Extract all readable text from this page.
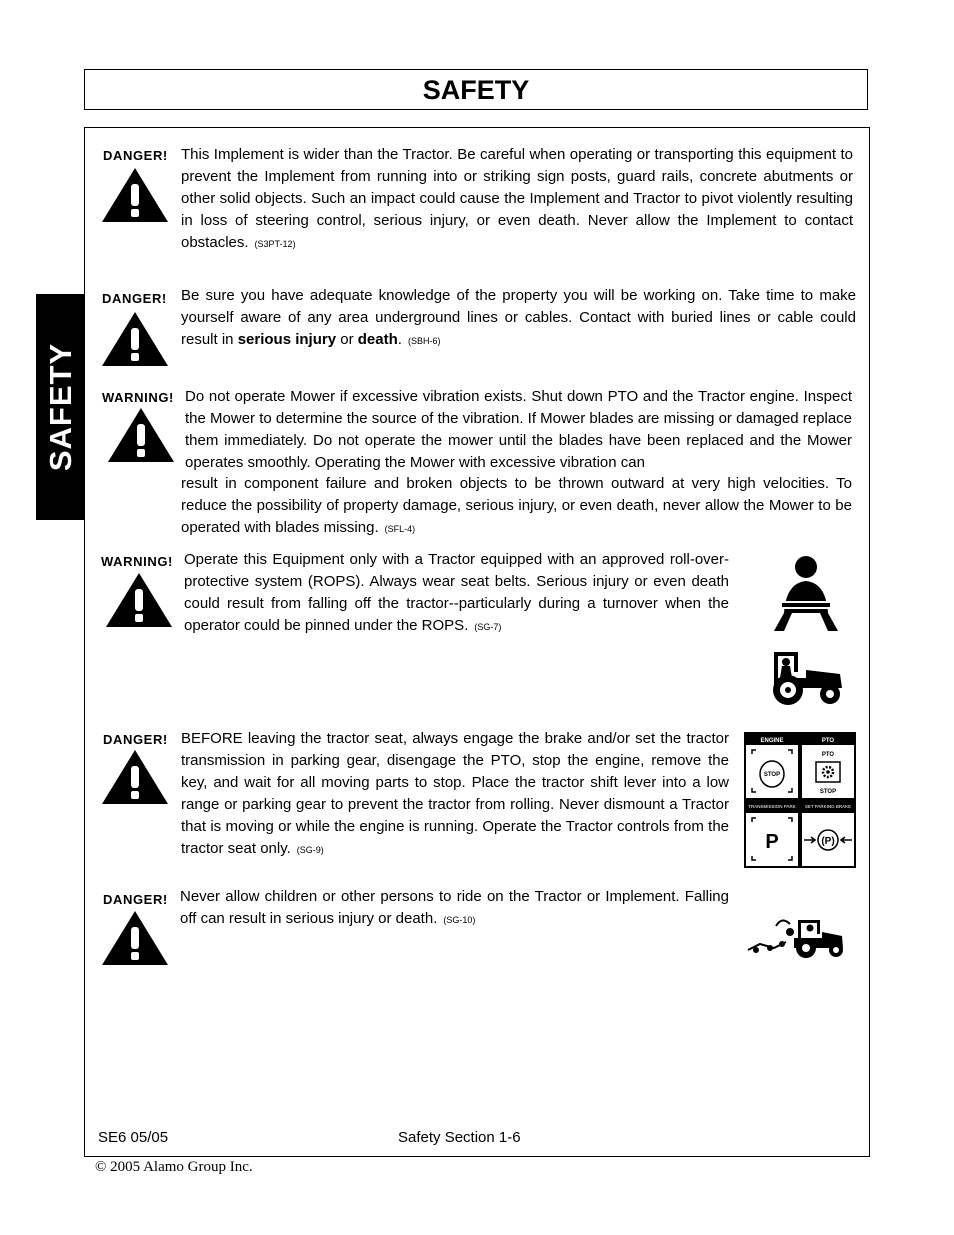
SAFETY
SAFETY
DANGER! This Implement is wider than the Tractor. Be careful when operating or transporting this equipment to prevent the Implement from running into or striking sign posts, guard rails, concrete abutments or other solid objects. Such an impact could cause the Implement and Tractor to pivot violently resulting in loss of steering control, serious injury, or even death. Never allow the Implement to contact obstacles. (S3PT-12)
DANGER! Be sure you have adequate knowledge of the property you will be working on. Take time to make yourself aware of any area underground lines or cables. Contact with buried lines or cable could result in serious injury or death. (SBH-6)
WARNING! Do not operate Mower if excessive vibration exists. Shut down PTO and the Tractor engine. Inspect the Mower to determine the source of the vibration. If Mower blades are missing or damaged replace them immediately. Do not operate the mower until the blades have been replaced and the Mower operates smoothly. Operating the Mower with excessive vibration can
result in component failure and broken objects to be thrown outward at very high velocities. To reduce the possibility of property damage, serious injury, or even death, never allow the Mower to be operated with blades missing. (SFL-4)
WARNING! Operate this Equipment only with a Tractor equipped with an approved roll-over-protective system (ROPS). Always wear seat belts. Serious injury or even death could result from falling off the tractor--particularly during a turnover when the operator could be pinned under the ROPS. (SG-7)
DANGER! BEFORE leaving the tractor seat, always engage the brake and/or set the tractor transmission in parking gear, disengage the PTO, stop the engine, remove the key, and wait for all moving parts to stop. Place the tractor shift lever into a low range or parking gear to prevent the tractor from rolling. Never dismount a Tractor that is moving or while the engine is running. Operate the Tractor controls from the tractor seat only. (SG-9)
ENGINE	PTO
TRANSMISSION PARK SET PARKING BRAKE
STOP
PTO
STOP
P	(P)
DANGER! Never allow children or other persons to ride on the Tractor or Implement. Falling off can result in serious injury or death. (SG-10)
SE6 05/05	Safety Section 1-6
© 2005 Alamo Group Inc.
